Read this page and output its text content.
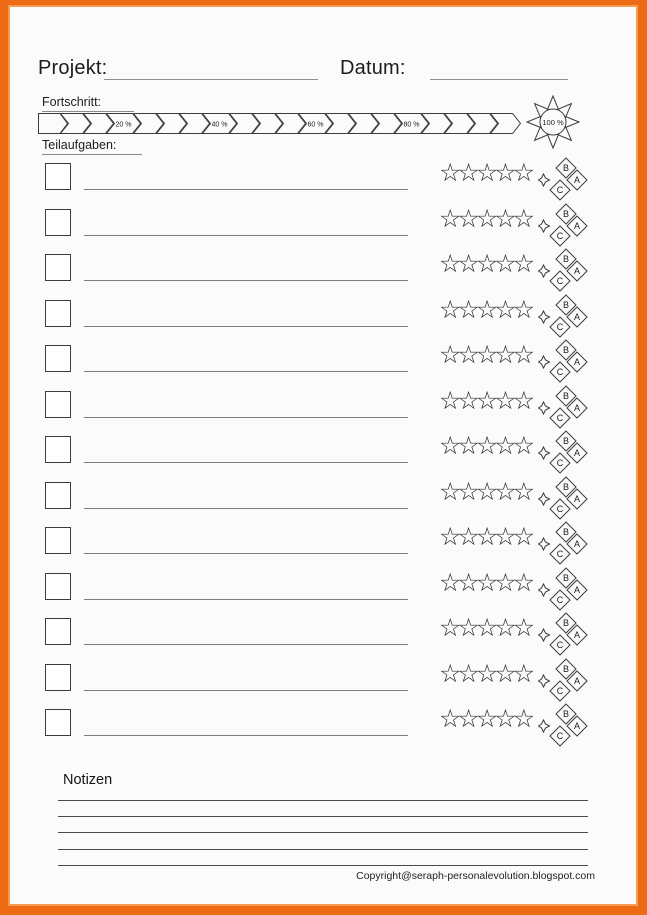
Projekt:	Datum:
Fortschritt:
20 %	40 %	60 %	80 %	100 %
Teilaufgaben:
☆☆☆☆☆	B
A
C
☆☆☆☆☆	B
A
C
☆☆☆☆☆	B
A
C
☆☆☆☆☆	B
A
C
☆☆☆☆☆	B
A
C
☆☆☆☆☆	B
A
C
☆☆☆☆☆	B
A
C
☆☆☆☆☆	B
A
C
☆☆☆☆☆	B
A
C
☆☆☆☆☆	B
A
C
☆☆☆☆☆	B
A
C
☆☆☆☆☆	B
A
C
☆☆☆☆☆	B
A
C
Notizen
Copyright@seraph-personalevolution.blogspot.com
